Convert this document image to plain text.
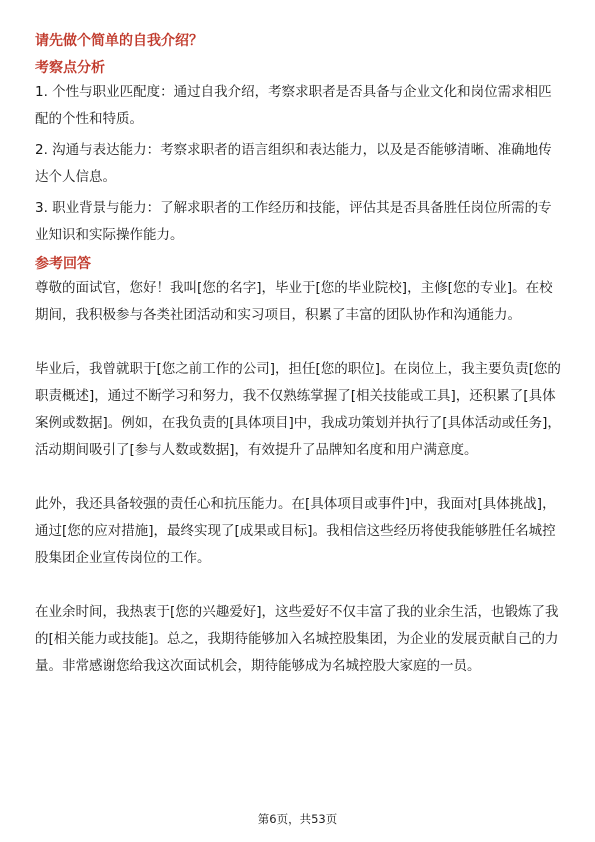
请先做个简单的自我介绍？
考察点分析
1. 个性与职业匹配度：通过自我介绍，考察求职者是否具备与企业文化和岗位需求相匹配的个性和特质。
2. 沟通与表达能力：考察求职者的语言组织和表达能力，以及是否能够清晰、准确地传达个人信息。
3. 职业背景与能力：了解求职者的工作经历和技能，评估其是否具备胜任岗位所需的专业知识和实际操作能力。
参考回答
尊敬的面试官，您好！我叫[您的名字]，毕业于[您的毕业院校]，主修[您的专业]。在校期间，我积极参与各类社团活动和实习项目，积累了丰富的团队协作和沟通能力。
毕业后，我曾就职于[您之前工作的公司]，担任[您的职位]。在岗位上，我主要负责[您的职责概述]，通过不断学习和努力，我不仅熟练掌握了[相关技能或工具]，还积累了[具体案例或数据]。例如，在我负责的[具体项目]中，我成功策划并执行了[具体活动或任务]，活动期间吸引了[参与人数或数据]，有效提升了品牌知名度和用户满意度。
此外，我还具备较强的责任心和抗压能力。在[具体项目或事件]中，我面对[具体挑战]，通过[您的应对措施]，最终实现了[成果或目标]。我相信这些经历将使我能够胜任名城控股集团企业宣传岗位的工作。
在业余时间，我热衷于[您的兴趣爱好]，这些爱好不仅丰富了我的业余生活，也锻炼了我的[相关能力或技能]。总之，我期待能够加入名城控股集团，为企业的发展贡献自己的力量。非常感谢您给我这次面试机会，期待能够成为名城控股大家庭的一员。
第6页，共53页
